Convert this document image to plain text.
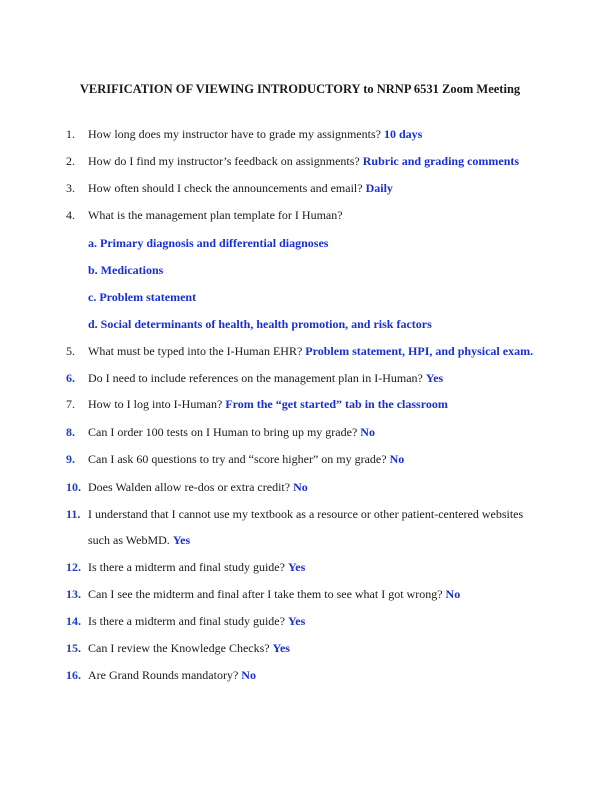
VERIFICATION OF VIEWING INTRODUCTORY to NRNP 6531 Zoom Meeting
1.	How long does my instructor have to grade my assignments? 10 days
2.	How do I find my instructor’s feedback on assignments? Rubric and grading comments
3.	How often should I check the announcements and email? Daily
4.	What is the management plan template for I Human?
a. Primary diagnosis and differential diagnoses
b. Medications
c. Problem statement
d. Social determinants of health, health promotion, and risk factors
5.	What must be typed into the I-Human EHR? Problem statement, HPI, and physical exam.
6.	Do I need to include references on the management plan in I-Human? Yes
7.	How to I log into I-Human? From the “get started” tab in the classroom
8.	Can I order 100 tests on I Human to bring up my grade? No
9.	Can I ask 60 questions to try and “score higher” on my grade? No
10. Does Walden allow re-dos or extra credit? No
11. I understand that I cannot use my textbook as a resource or other patient-centered websites
such as WebMD. Yes
12. Is there a midterm and final study guide? Yes
13. Can I see the midterm and final after I take them to see what I got wrong? No
14. Is there a midterm and final study guide? Yes
15. Can I review the Knowledge Checks? Yes
16. Are Grand Rounds mandatory? No
